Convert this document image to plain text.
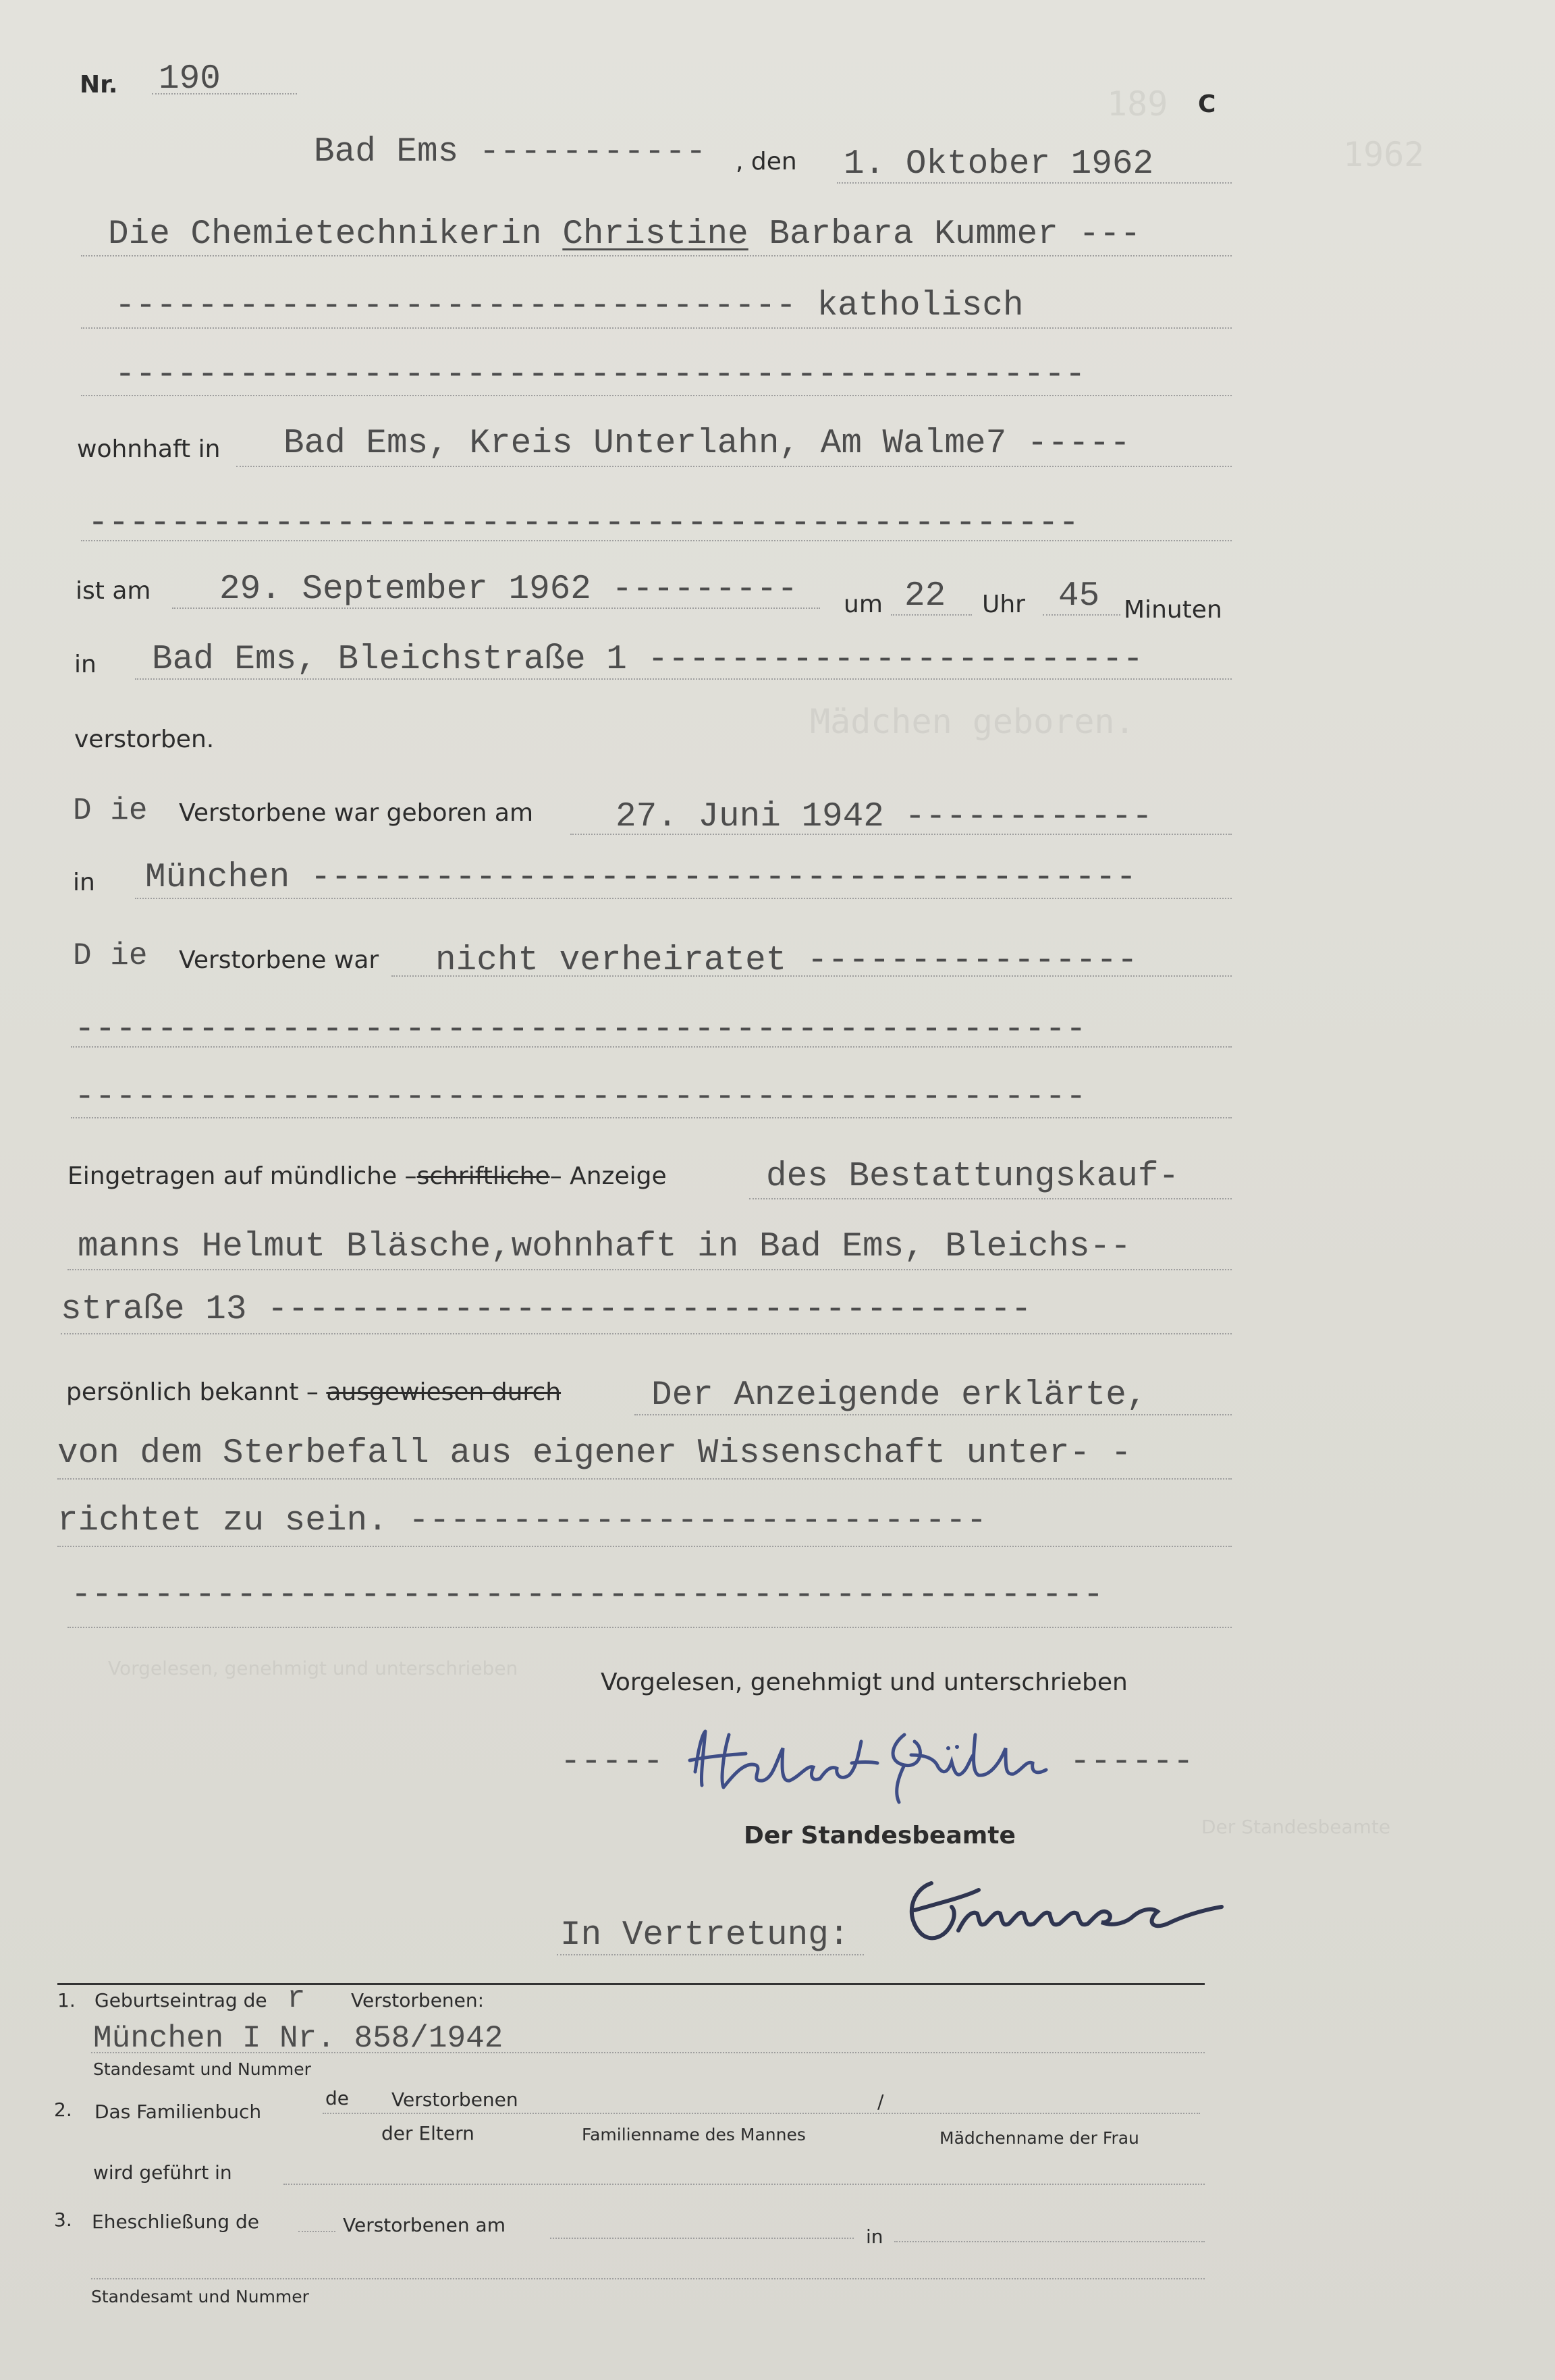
189
1962
Mädchen geboren.
Vorgelesen, genehmigt und unterschrieben
Der Standesbeamte
Nr. 190
C
Bad Ems ----------- , den 1. Oktober 1962
Die Chemietechnikerin Christine Barbara Kummer ---
--------------------------------- katholisch
-----------------------------------------------
wohnhaft in Bad Ems, Kreis Unterlahn, Am Walme7 -----
------------------------------------------------
ist am 29. September 1962 --------- um 22 Uhr 45 Minuten
in Bad Ems, Bleichstraße 1 ------------------------
verstorben.
D ie Verstorbene war geboren am 27. Juni 1942 ------------
in München ----------------------------------------
D ie Verstorbene war nicht verheiratet ----------------
-------------------------------------------------
-------------------------------------------------
Eingetragen auf mündliche –schriftliche– Anzeige	des Bestattungskauf-
manns Helmut Bläsche,wohnhaft in Bad Ems, Bleichs--
straße 13 -------------------------------------
persönlich bekannt – ausgewiesen durch	Der Anzeigende erklärte,
von dem Sterbefall aus eigener Wissenschaft unter- -
richtet zu sein. ----------------------------
--------------------------------------------------
Vorgelesen, genehmigt und unterschrieben
-----	------
Der Standesbeamte
In Vertretung:
1. Geburtseintrag de r Verstorbenen:
München I Nr. 858/1942
Standesamt und Nummer
2. Das Familienbuch
de Verstorbenen
der Eltern	Familienname des Mannes
/
Mädchenname der Frau
wird geführt in
3. Eheschließung de	Verstorbenen am
in
Standesamt und Nummer
